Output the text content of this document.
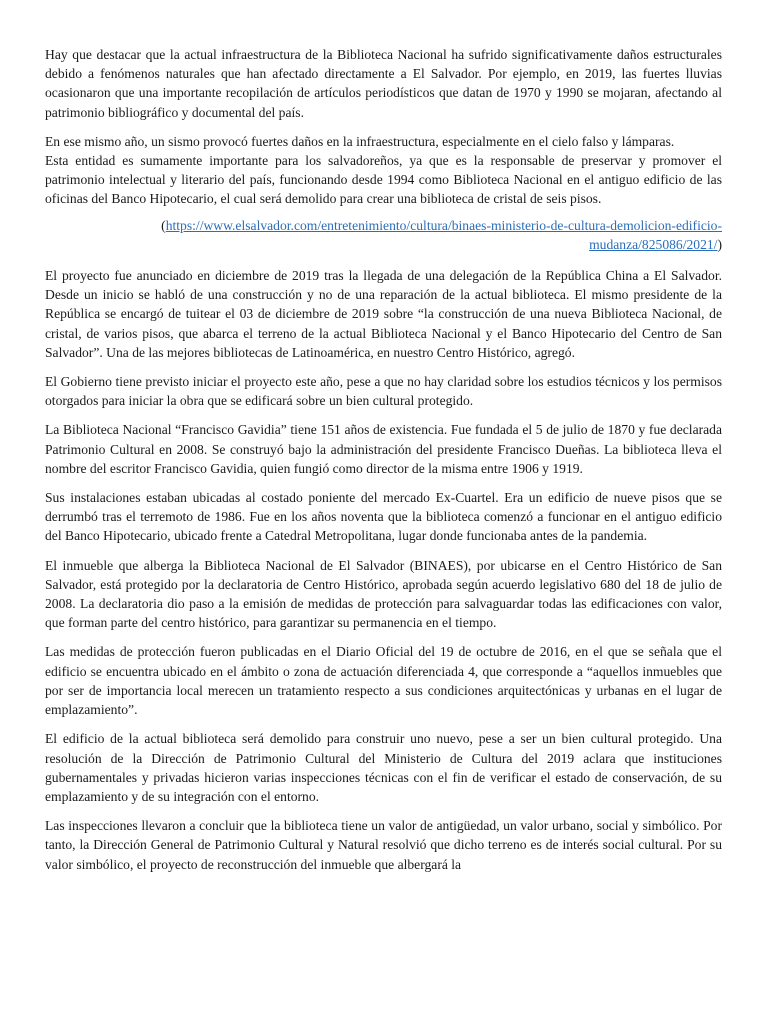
Hay que destacar que la actual infraestructura de la Biblioteca Nacional ha sufrido significativamente daños estructurales debido a fenómenos naturales que han afectado directamente a El Salvador. Por ejemplo, en 2019, las fuertes lluvias ocasionaron que una importante recopilación de artículos periodísticos que datan de 1970 y 1990 se mojaran, afectando al patrimonio bibliográfico y documental del país.

En ese mismo año, un sismo provocó fuertes daños en la infraestructura, especialmente en el cielo falso y lámparas.
Esta entidad es sumamente importante para los salvadoreños, ya que es la responsable de preservar y promover el patrimonio intelectual y literario del país, funcionando desde 1994 como Biblioteca Nacional en el antiguo edificio de las oficinas del Banco Hipotecario, el cual será demolido para crear una biblioteca de cristal de seis pisos.

(https://www.elsalvador.com/entretenimiento/cultura/binaes-ministerio-de-cultura-demolicion-edificio-mudanza/825086/2021/)

El proyecto fue anunciado en diciembre de 2019 tras la llegada de una delegación de la República China a El Salvador. Desde un inicio se habló de una construcción y no de una reparación de la actual biblioteca. El mismo presidente de la República se encargó de tuitear el 03 de diciembre de 2019 sobre “la construcción de una nueva Biblioteca Nacional, de cristal, de varios pisos, que abarca el terreno de la actual Biblioteca Nacional y el Banco Hipotecario del Centro de San Salvador”. Una de las mejores bibliotecas de Latinoamérica, en nuestro Centro Histórico, agregó.

El Gobierno tiene previsto iniciar el proyecto este año, pese a que no hay claridad sobre los estudios técnicos y los permisos otorgados para iniciar la obra que se edificará sobre un bien cultural protegido.

La Biblioteca Nacional “Francisco Gavidia” tiene 151 años de existencia. Fue fundada el 5 de julio de 1870 y fue declarada Patrimonio Cultural en 2008. Se construyó bajo la administración del presidente Francisco Dueñas. La biblioteca lleva el nombre del escritor Francisco Gavidia, quien fungió como director de la misma entre 1906 y 1919.

Sus instalaciones estaban ubicadas al costado poniente del mercado Ex-Cuartel. Era un edificio de nueve pisos que se derrumbó tras el terremoto de 1986. Fue en los años noventa que la biblioteca comenzó a funcionar en el antiguo edificio del Banco Hipotecario, ubicado frente a Catedral Metropolitana, lugar donde funcionaba antes de la pandemia.

El inmueble que alberga la Biblioteca Nacional de El Salvador (BINAES), por ubicarse en el Centro Histórico de San Salvador, está protegido por la declaratoria de Centro Histórico, aprobada según acuerdo legislativo 680 del 18 de julio de 2008. La declaratoria dio paso a la emisión de medidas de protección para salvaguardar todas las edificaciones con valor, que forman parte del centro histórico, para garantizar su permanencia en el tiempo.

Las medidas de protección fueron publicadas en el Diario Oficial del 19 de octubre de 2016, en el que se señala que el edificio se encuentra ubicado en el ámbito o zona de actuación diferenciada 4, que corresponde a “aquellos inmuebles que por ser de importancia local merecen un tratamiento respecto a sus condiciones arquitectónicas y urbanas en el lugar de emplazamiento”.

El edificio de la actual biblioteca será demolido para construir uno nuevo, pese a ser un bien cultural protegido. Una resolución de la Dirección de Patrimonio Cultural del Ministerio de Cultura del 2019 aclara que instituciones gubernamentales y privadas hicieron varias inspecciones técnicas con el fin de verificar el estado de conservación, de su emplazamiento y de su integración con el entorno.

Las inspecciones llevaron a concluir que la biblioteca tiene un valor de antigüedad, un valor urbano, social y simbólico. Por tanto, la Dirección General de Patrimonio Cultural y Natural resolvió que dicho terreno es de interés social cultural. Por su valor simbólico, el proyecto de reconstrucción del inmueble que albergará la
